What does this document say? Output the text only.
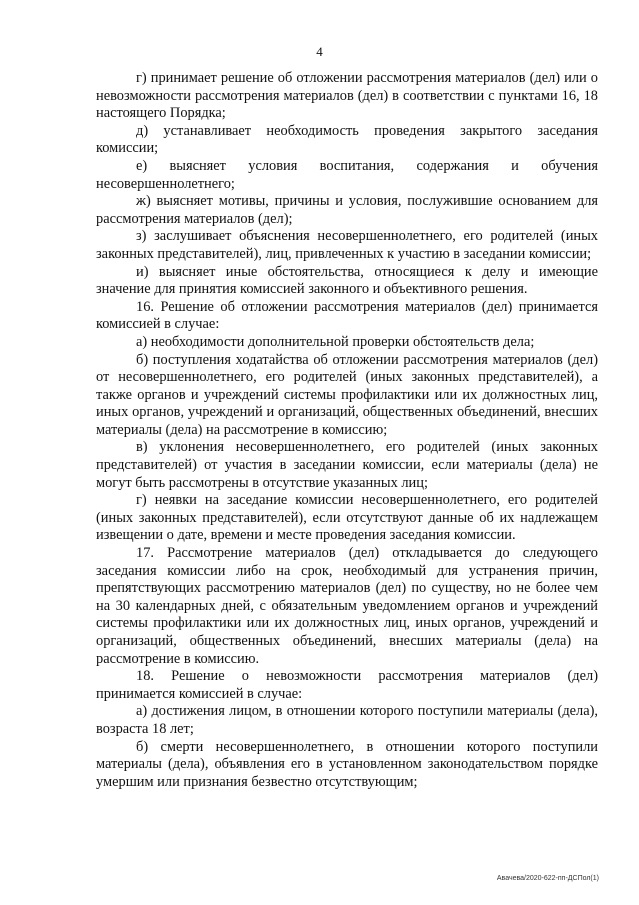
4

г) принимает решение об отложении рассмотрения материалов (дел) или о невозможности рассмотрения материалов (дел) в соответствии с пунктами 16, 18 настоящего Порядка;

д) устанавливает необходимость проведения закрытого заседания комиссии;

е) выясняет условия воспитания, содержания и обучения несовершеннолетнего;

ж) выясняет мотивы, причины и условия, послужившие основанием для рассмотрения материалов (дел);

з) заслушивает объяснения несовершеннолетнего, его родителей (иных законных представителей), лиц, привлеченных к участию в заседании комиссии;

и) выясняет иные обстоятельства, относящиеся к делу и имеющие значение для принятия комиссией законного и объективного решения.

16. Решение об отложении рассмотрения материалов (дел) принимается комиссией в случае:

а) необходимости дополнительной проверки обстоятельств дела;

б) поступления ходатайства об отложении рассмотрения материалов (дел) от несовершеннолетнего, его родителей (иных законных представителей), а также органов и учреждений системы профилактики или их должностных лиц, иных органов, учреждений и организаций, общественных объединений, внесших материалы (дела) на рассмотрение в комиссию;

в) уклонения несовершеннолетнего, его родителей (иных законных представителей) от участия в заседании комиссии, если материалы (дела) не могут быть рассмотрены в отсутствие указанных лиц;

г) неявки на заседание комиссии несовершеннолетнего, его родителей (иных законных представителей), если отсутствуют данные об их надлежащем извещении о дате, времени и месте проведения заседания комиссии.

17. Рассмотрение материалов (дел) откладывается до следующего заседания комиссии либо на срок, необходимый для устранения причин, препятствующих рассмотрению материалов (дел) по существу, но не более чем на 30 календарных дней, с обязательным уведомлением органов и учреждений системы профилактики или их должностных лиц, иных органов, учреждений и организаций, общественных объединений, внесших материалы (дела) на рассмотрение в комиссию.

18. Решение о невозможности рассмотрения материалов (дел) принимается комиссией в случае:

а) достижения лицом, в отношении которого поступили материалы (дела), возраста 18 лет;

б) смерти несовершеннолетнего, в отношении которого поступили материалы (дела), объявления его в установленном законодательством порядке умершим или признания безвестно отсутствующим;

Авачева/2020-622-пп-ДСПол(1)
